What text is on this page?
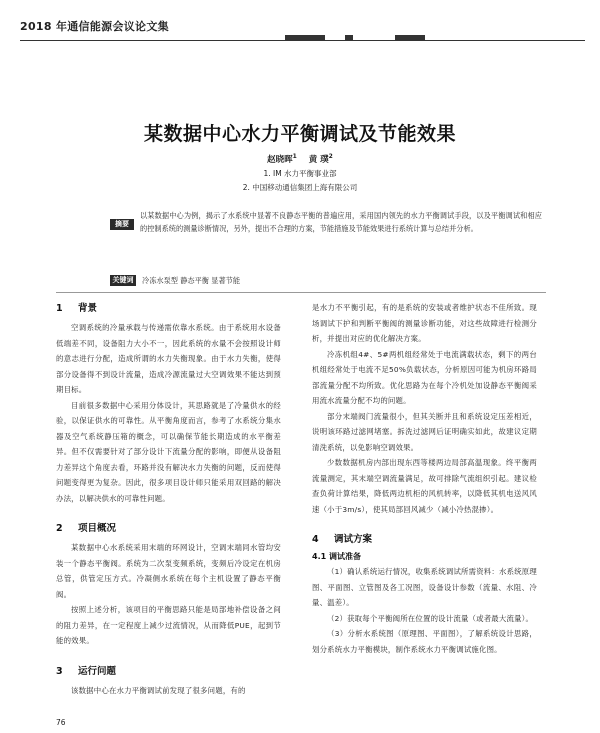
2018 年通信能源会议论文集
某数据中心水力平衡调试及节能效果
赵晓晖$^1$ 黄 璞$^2$
1. IM 水力平衡事业部
2. 中国移动通信集团上海有限公司
摘要
以某数据中心为例，揭示了水系统中显著不良静态平衡的普遍应用，采用国内领先的水力平衡调试手段，以及平衡调试和相应的控制系统的测量诊断情况，另外，提出不合理的方案，节能措施及节能效果进行系统计算与总结并分析。
关键词	冷冻水泵型 静态平衡 显著节能
1 背景

空调系统的冷量承载与传递需依靠水系统。由于系统用水设备低端差不同，设备阻力大小不一，因此系统的水量不会按照设计师的意志进行分配，造成所谓的水力失衡现象。由于水力失衡，使得部分设备得不到设计流量，造成冷源流量过大空调效果不能达到预期目标。

目前很多数据中心采用分体设计，其思路就是了冷量供水的经验，以保证供水的可靠性。从平衡角度而言，参考了水系统分集水器及空气系统静压箱的概念，可以确保节能长期造成的水平衡差异。但不仅需要针对了部分设计下流量分配的影响，即便从设备阻力差异这个角度去看，环路并没有解决水力失衡的问题，反而使得问题变得更为复杂。因此，很多项目设计师只能采用双回路的解决办法，以解决供水的可靠性问题。

2 项目概况

某数据中心水系统采用末端的环网设计，空调末端同水管均安装一个静态平衡阀。系统为二次泵变频系统，变频后冷设定在机房总管，供管定压方式。冷凝侧水系统在每个主机设置了静态平衡阀。

按照上述分析，该项目的平衡思路只能是局部地补偿设备之间的阻力差异，在一定程度上减少过流情况，从而降低PUE，起到节能的效果。

3 运行问题

该数据中心在水力平衡调试前发现了很多问题，有的

是水力不平衡引起，有的是系统的安装或者维护状态不佳所致。现场调试下护和判断平衡阀的测量诊断功能，对这些故障进行检测分析，并提出对应的优化解决方案。

冷冻机组4#、5#两机组经常处于电流满载状态，剩下的两台机组经常处于电流不足50%负载状态，分析原因可能为机房环路局部流量分配不均所致。优化思路为在每个冷机处加设静态平衡阀采用流水流量分配不均的问题。

部分末端阀门流量很小，但其关断并且和系统设定压差相近，说明该环路过滤网堵塞。拆洗过滤网后证明确实如此，故建议定期清洗系统，以免影响空调效果。

少数数据机房内部出现东西等楼两边局部高温现象。终平衡两流量测定，其末端空调流量满足，故可排除气流组织引起。建议检查负荷计算结果，降低两边机柜的风机转率，以降低其机电送风风速（小于3m/s），使其局部回风减少（减小冷热混掺）。

4 调试方案
4.1 调试准备

（1）确认系统运行情况，收集系统调试所需资料：水系统原理图、平面图、立管图及各工况图，设备设计参数（流量、水阻、冷量、温差）。

（2）获取每个平衡阀所在位置的设计流量（或者最大流量）。

（3）分析水系统图（原理图、平面图），了解系统设计思路，划分系统水力平衡模块，制作系统水力平衡调试施化图。

76
